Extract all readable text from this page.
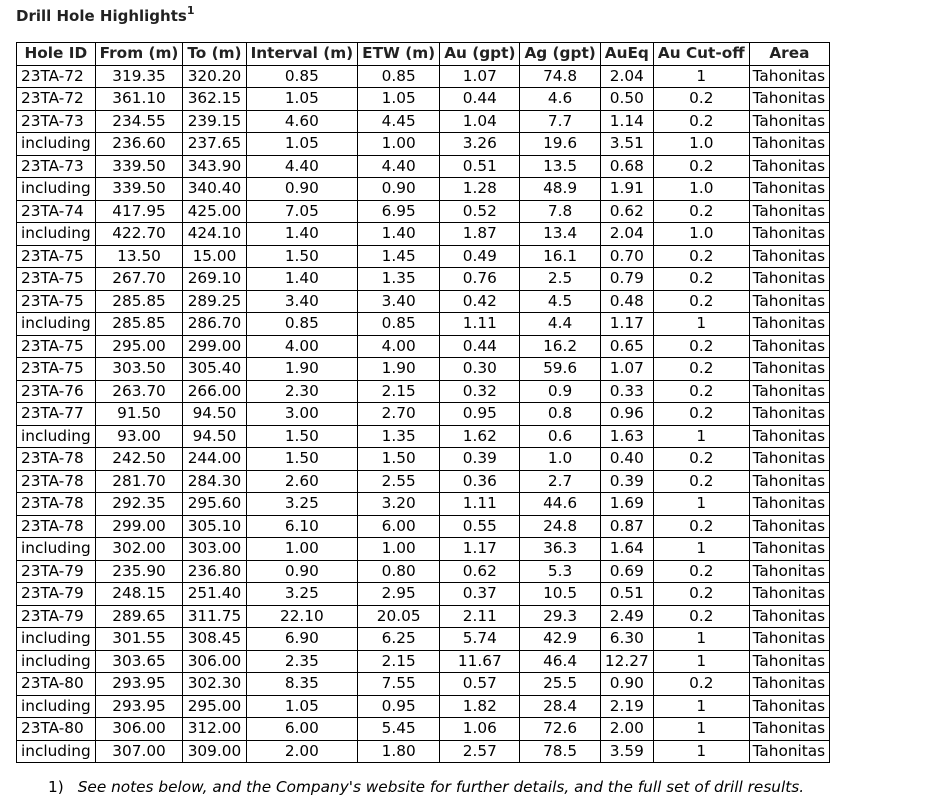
Drill Hole Highlights$^1$
Hole ID	From (m)	To (m)	Interval (m)	ETW (m)	Au (gpt)	Ag (gpt)	AuEq	Au Cut-off	Area
23TA-72	319.35	320.20	0.85	0.85	1.07	74.8	2.04	1	Tahonitas
23TA-72	361.10	362.15	1.05	1.05	0.44	4.6	0.50	0.2	Tahonitas
23TA-73	234.55	239.15	4.60	4.45	1.04	7.7	1.14	0.2	Tahonitas
including	236.60	237.65	1.05	1.00	3.26	19.6	3.51	1.0	Tahonitas
23TA-73	339.50	343.90	4.40	4.40	0.51	13.5	0.68	0.2	Tahonitas
including	339.50	340.40	0.90	0.90	1.28	48.9	1.91	1.0	Tahonitas
23TA-74	417.95	425.00	7.05	6.95	0.52	7.8	0.62	0.2	Tahonitas
including	422.70	424.10	1.40	1.40	1.87	13.4	2.04	1.0	Tahonitas
23TA-75	13.50	15.00	1.50	1.45	0.49	16.1	0.70	0.2	Tahonitas
23TA-75	267.70	269.10	1.40	1.35	0.76	2.5	0.79	0.2	Tahonitas
23TA-75	285.85	289.25	3.40	3.40	0.42	4.5	0.48	0.2	Tahonitas
including	285.85	286.70	0.85	0.85	1.11	4.4	1.17	1	Tahonitas
23TA-75	295.00	299.00	4.00	4.00	0.44	16.2	0.65	0.2	Tahonitas
23TA-75	303.50	305.40	1.90	1.90	0.30	59.6	1.07	0.2	Tahonitas
23TA-76	263.70	266.00	2.30	2.15	0.32	0.9	0.33	0.2	Tahonitas
23TA-77	91.50	94.50	3.00	2.70	0.95	0.8	0.96	0.2	Tahonitas
including	93.00	94.50	1.50	1.35	1.62	0.6	1.63	1	Tahonitas
23TA-78	242.50	244.00	1.50	1.50	0.39	1.0	0.40	0.2	Tahonitas
23TA-78	281.70	284.30	2.60	2.55	0.36	2.7	0.39	0.2	Tahonitas
23TA-78	292.35	295.60	3.25	3.20	1.11	44.6	1.69	1	Tahonitas
23TA-78	299.00	305.10	6.10	6.00	0.55	24.8	0.87	0.2	Tahonitas
including	302.00	303.00	1.00	1.00	1.17	36.3	1.64	1	Tahonitas
23TA-79	235.90	236.80	0.90	0.80	0.62	5.3	0.69	0.2	Tahonitas
23TA-79	248.15	251.40	3.25	2.95	0.37	10.5	0.51	0.2	Tahonitas
23TA-79	289.65	311.75	22.10	20.05	2.11	29.3	2.49	0.2	Tahonitas
including	301.55	308.45	6.90	6.25	5.74	42.9	6.30	1	Tahonitas
including	303.65	306.00	2.35	2.15	11.67	46.4	12.27	1	Tahonitas
23TA-80	293.95	302.30	8.35	7.55	0.57	25.5	0.90	0.2	Tahonitas
including	293.95	295.00	1.05	0.95	1.82	28.4	2.19	1	Tahonitas
23TA-80	306.00	312.00	6.00	5.45	1.06	72.6	2.00	1	Tahonitas
including	307.00	309.00	2.00	1.80	2.57	78.5	3.59	1	Tahonitas
1) See notes below, and the Company's website for further details, and the full set of drill results.
